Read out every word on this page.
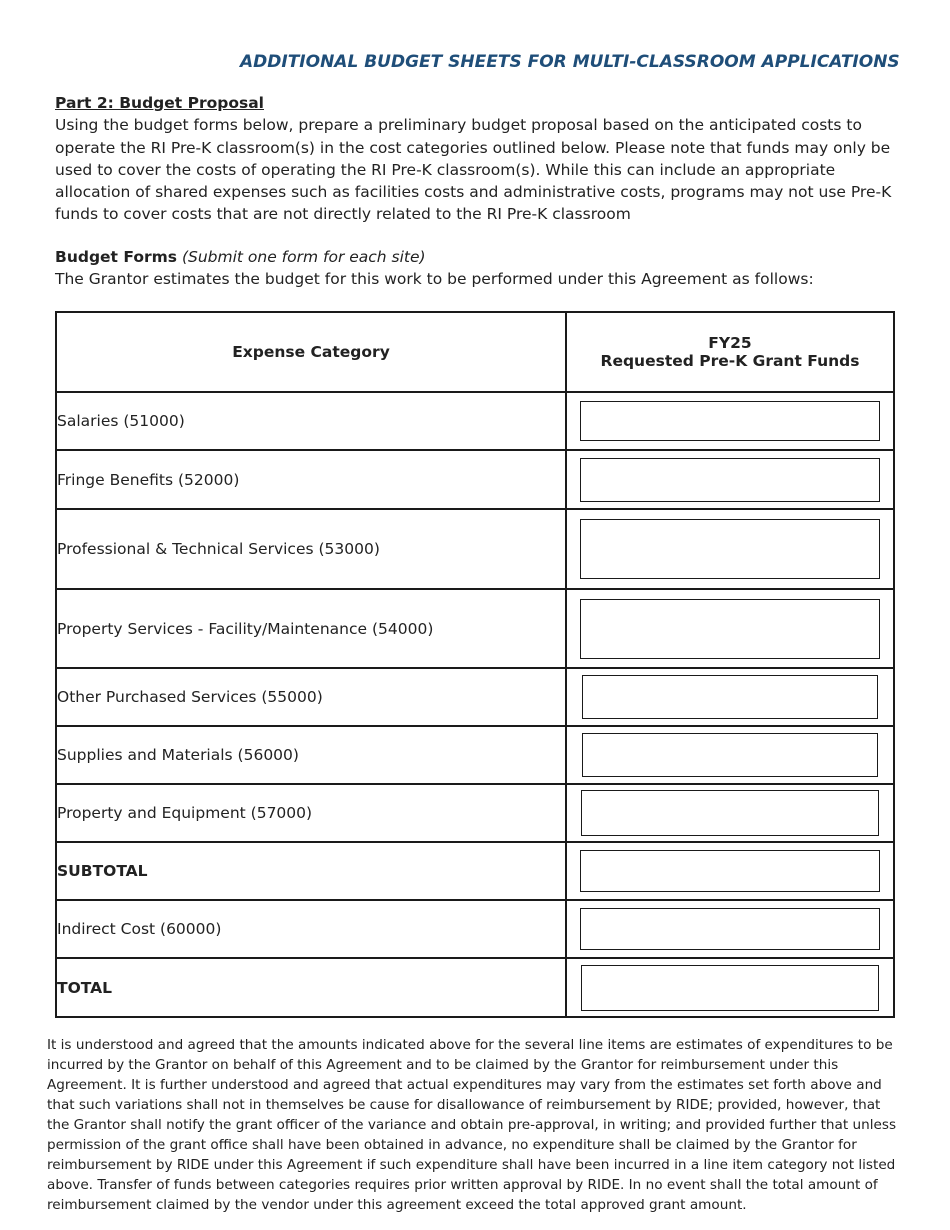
ADDITIONAL BUDGET SHEETS FOR MULTI-CLASSROOM APPLICATIONS
Part 2: Budget Proposal
Using the budget forms below, prepare a preliminary budget proposal based on the anticipated costs to operate the RI Pre-K classroom(s) in the cost categories outlined below. Please note that funds may only be used to cover the costs of operating the RI Pre-K classroom(s). While this can include an appropriate allocation of shared expenses such as facilities costs and administrative costs, programs may not use Pre-K funds to cover costs that are not directly related to the RI Pre-K classroom
Budget Forms (Submit one form for each site)
The Grantor estimates the budget for this work to be performed under this Agreement as follows:
Expense Category	FY25
Requested Pre-K Grant Funds

Salaries (51000)	
Fringe Benefits (52000)	
Professional & Technical Services (53000)	
Property Services - Facility/Maintenance (54000)	
Other Purchased Services (55000)	
Supplies and Materials (56000)	
Property and Equipment (57000)	
SUBTOTAL	
Indirect Cost (60000)	
TOTAL	
It is understood and agreed that the amounts indicated above for the several line items are estimates of expenditures to be incurred by the Grantor on behalf of this Agreement and to be claimed by the Grantor for reimbursement under this Agreement. It is further understood and agreed that actual expenditures may vary from the estimates set forth above and that such variations shall not in themselves be cause for disallowance of reimbursement by RIDE; provided, however, that the Grantor shall notify the grant officer of the variance and obtain pre-approval, in writing; and provided further that unless permission of the grant office shall have been obtained in advance, no expenditure shall be claimed by the Grantor for reimbursement by RIDE under this Agreement if such expenditure shall have been incurred in a line item category not listed above. Transfer of funds between categories requires prior written approval by RIDE. In no event shall the total amount of reimbursement claimed by the vendor under this agreement exceed the total approved grant amount.
